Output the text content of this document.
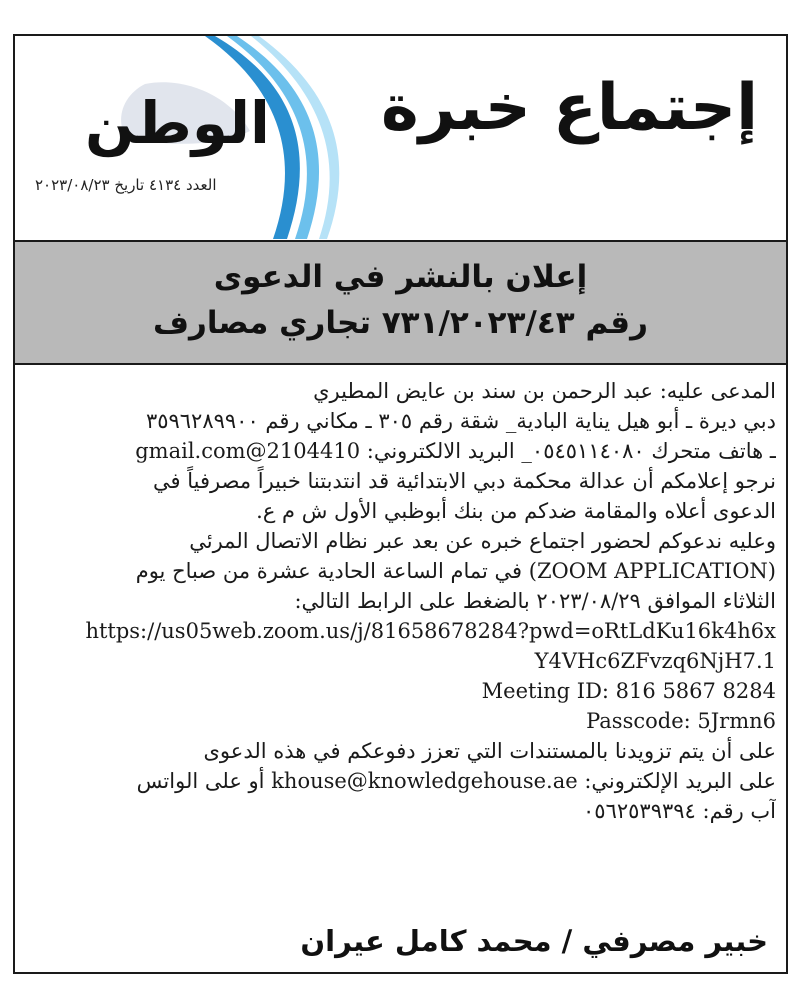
إجتماع خبرة
الوطن
العدد ٤١٣٤ تاريخ ٢٠٢٣/٠٨/٢٣
إعلان بالنشر في الدعوى
رقم ٧٣١/٢٠٢٣/٤٣ تجاري مصارف

المدعى عليه: عبد الرحمن بن سند بن عايض المطيري

دبي ديرة ـ أبو هيل يناية البادية_ شقة رقم ٣٠٥ ـ مكاني رقم ٣٥٩٦٢٨٩٩٠٠

ـ هاتف متحرك ٠٥٤٥١١٤٠٨٠_ البريد الالكتروني: gmail.com@2104410

نرجو إعلامكم أن عدالة محكمة دبي الابتدائية قد انتدبتنا خبيراً مصرفياً في

الدعوى أعلاه والمقامة ضدكم من بنك أبوظبي الأول ش م ع.

وعليه ندعوكم لحضور اجتماع خبره عن بعد عبر نظام الاتصال المرئي

(ZOOM APPLICATION) في تمام الساعة الحادية عشرة من صباح يوم

الثلاثاء الموافق ٢٠٢٣/٠٨/٢٩ بالضغط على الرابط التالي:

https://us05web.zoom.us/j/81658678284?pwd=oRtLdKu16k4h6x

Y4VHc6ZFvzq6NjH7.1

Meeting ID: 816 5867 8284

Passcode: 5Jrmn6

على أن يتم تزويدنا بالمستندات التي تعزز دفوعكم في هذه الدعوى

على البريد الإلكتروني: khouse@knowledgehouse.ae أو على الواتس

آب رقم: ٠٥٦٢٥٣٩٣٩٤

خبير مصرفي / محمد كامل عيران
